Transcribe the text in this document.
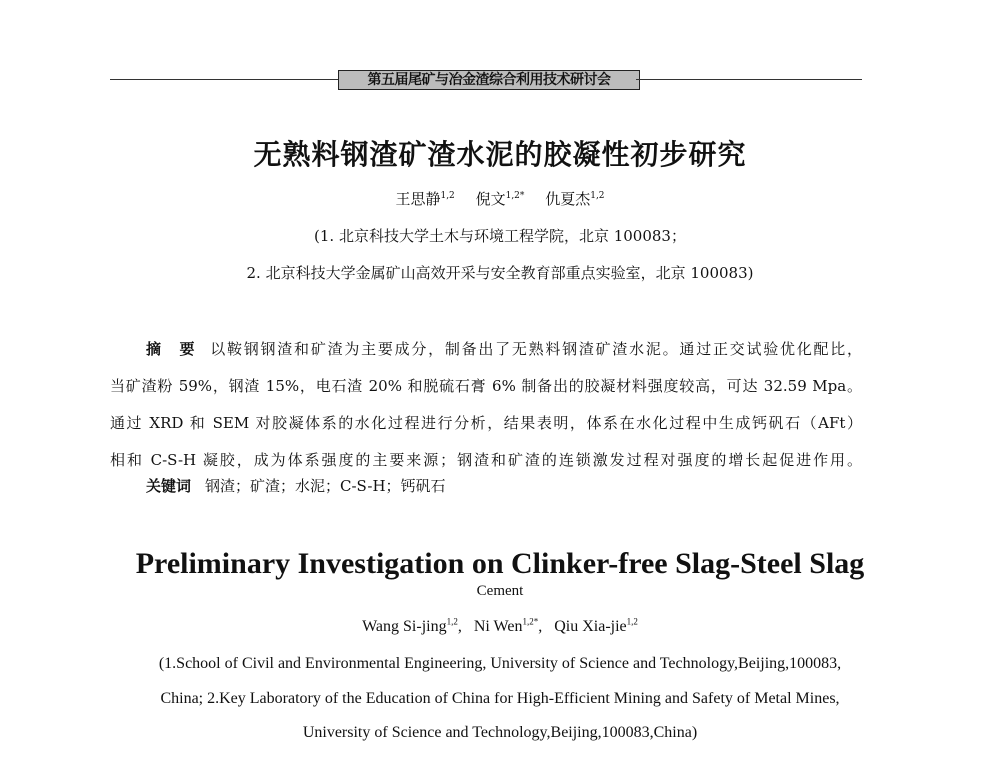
第五届尾矿与冶金渣综合利用技术研讨会
无熟料钢渣矿渣水泥的胶凝性初步研究
王思静$^{1,2}$ 倪文$^{1,2*}$ 仇夏杰$^{1,2}$
(1. 北京科技大学土木与环境工程学院，北京 100083；
2. 北京科技大学金属矿山高效开采与安全教育部重点实验室，北京 100083)
摘　要 以鞍钢钢渣和矿渣为主要成分，制备出了无熟料钢渣矿渣水泥。通过正交试验优化配比，
当矿渣粉 59%，钢渣 15%，电石渣 20% 和脱硫石膏 6% 制备出的胶凝材料强度较高，可达 32.59 Mpa。
通过 XRD 和 SEM 对胶凝体系的水化过程进行分析，结果表明，体系在水化过程中生成钙矾石（AFt）
相和 C-S-H 凝胶，成为体系强度的主要来源；钢渣和矿渣的连锁激发过程对强度的增长起促进作用。
关键词 钢渣；矿渣；水泥；C-S-H；钙矾石
Preliminary Investigation on Clinker-free Slag-Steel Slag
Cement
Wang Si-jing$^{1,2}$, Ni Wen$^{1,2*}$, Qiu Xia-jie$^{1,2}$
(1.School of Civil and Environmental Engineering, University of Science and Technology,Beijing,100083,
China; 2.Key Laboratory of the Education of China for High-Efficient Mining and Safety of Metal Mines,
University of Science and Technology,Beijing,100083,China)
